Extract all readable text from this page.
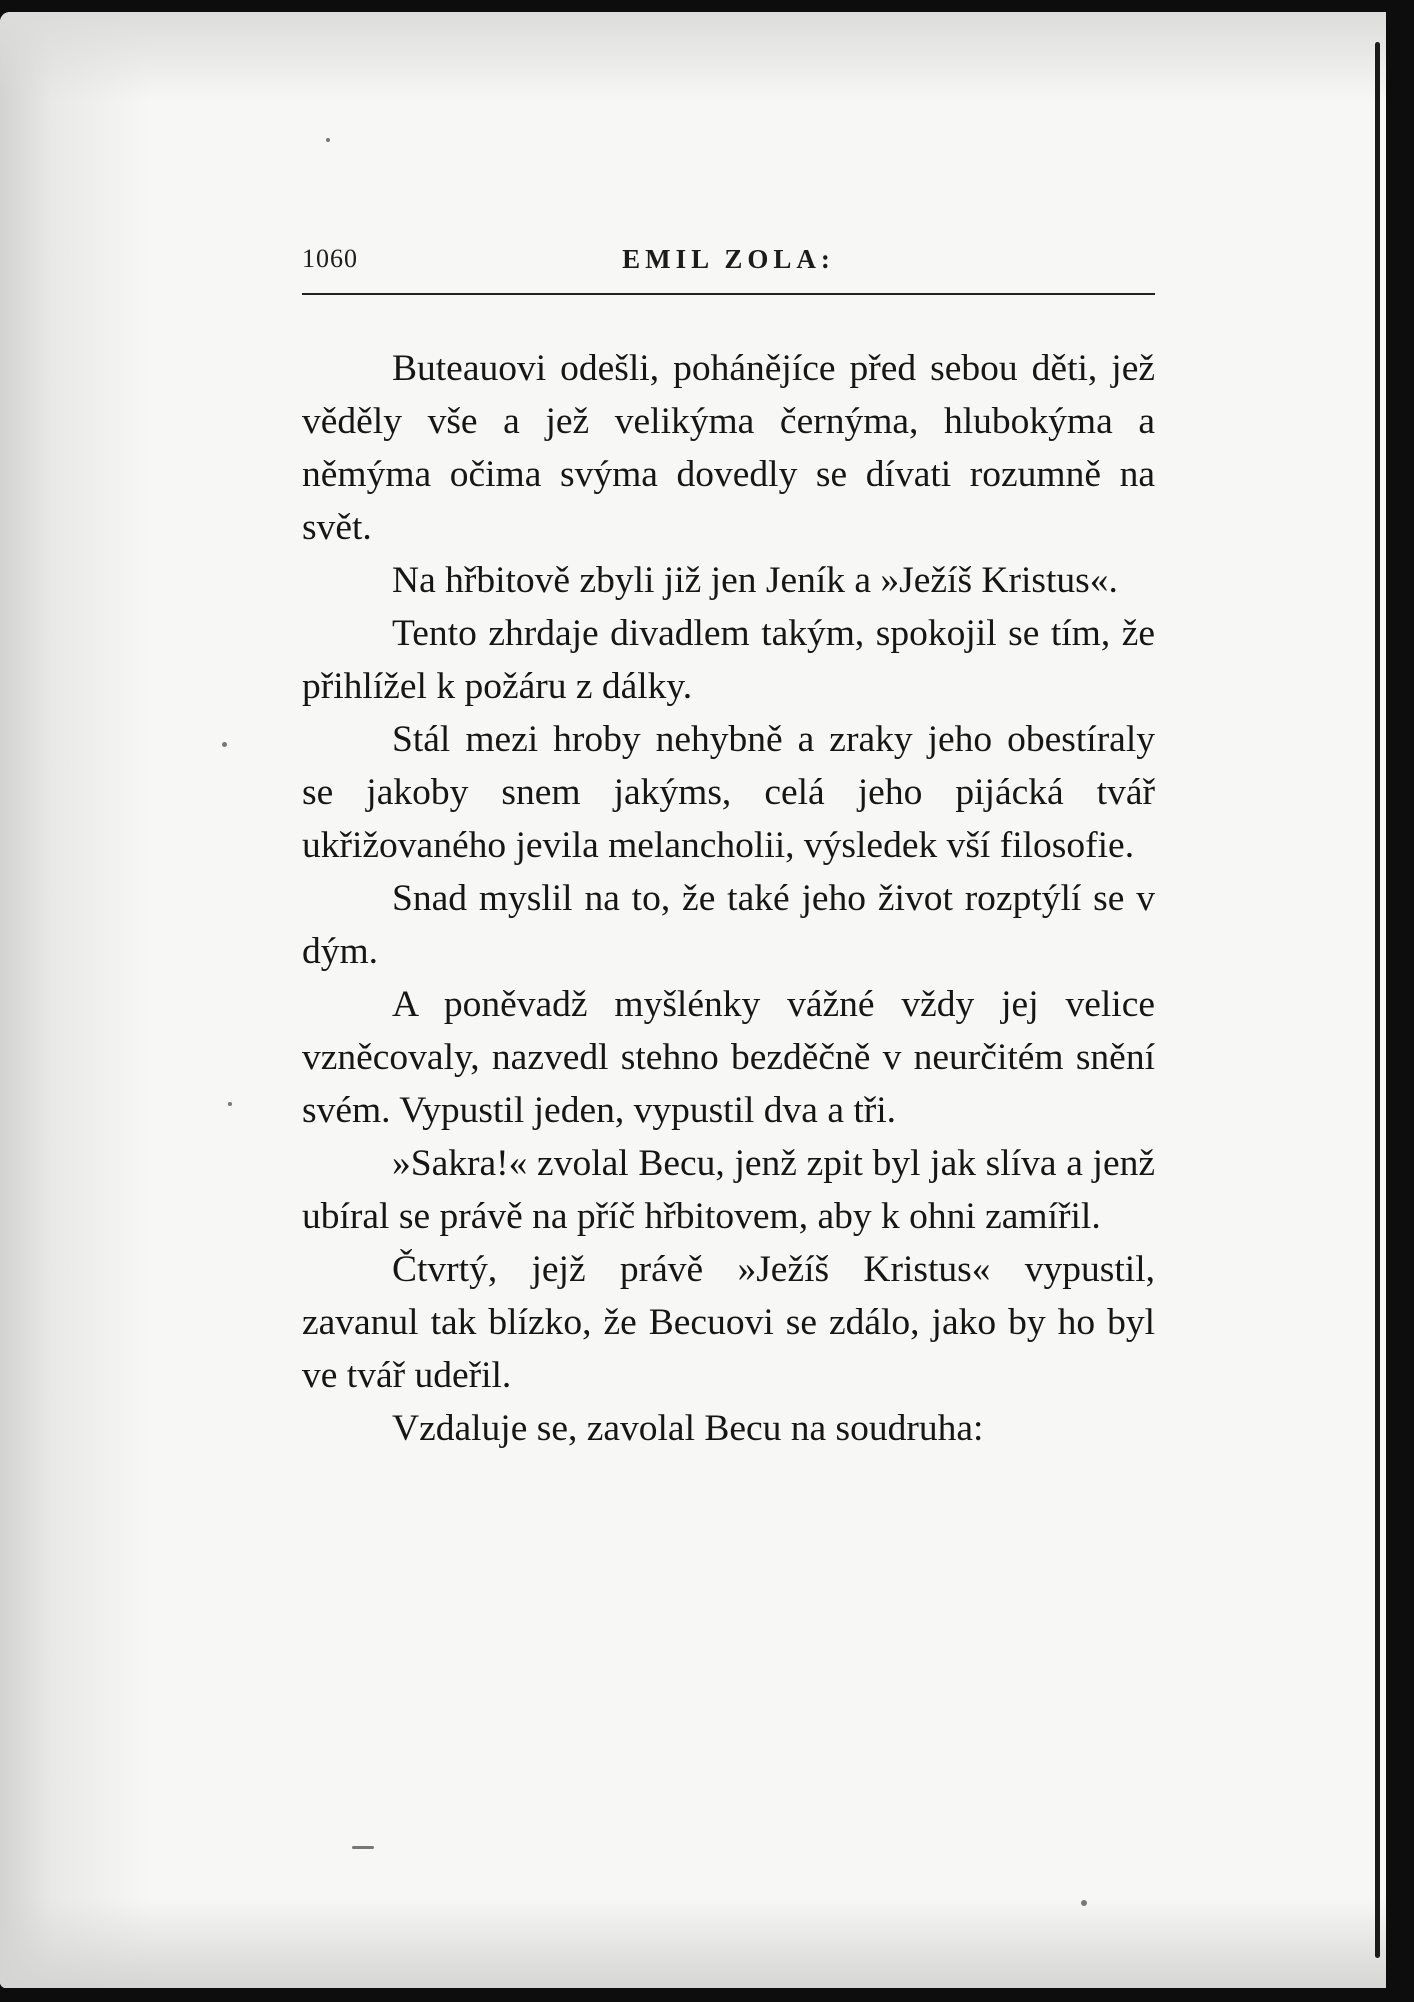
1060	EMIL ZOLA:

Buteauovi odešli, pohánějíce před sebou děti, jež věděly vše a jež velikýma černýma, hlubokýma a němýma očima svýma dovedly se dívati rozumně na svět.

Na hřbitově zbyli již jen Jeník a »Ježíš Kristus«.

Tento zhrdaje divadlem takým, spokojil se tím, že přihlížel k požáru z dálky.

Stál mezi hroby nehybně a zraky jeho obestíraly se jakoby snem jakýms, celá jeho pijácká tvář ukřižovaného jevila melancholii, výsledek vší filosofie.

Snad myslil na to, že také jeho život rozptýlí se v dým.

A poněvadž myšlénky vážné vždy jej velice vzněcovaly, nazvedl stehno bezděčně v neurčitém snění svém. Vypustil jeden, vypustil dva a tři.

»Sakra!« zvolal Becu, jenž zpit byl jak slíva a jenž ubíral se právě na příč hřbitovem, aby k ohni zamířil.

Čtvrtý, jejž právě »Ježíš Kristus« vypustil, zavanul tak blízko, že Becuovi se zdálo, jako by ho byl ve tvář udeřil.

Vzdaluje se, zavolal Becu na soudruha:
